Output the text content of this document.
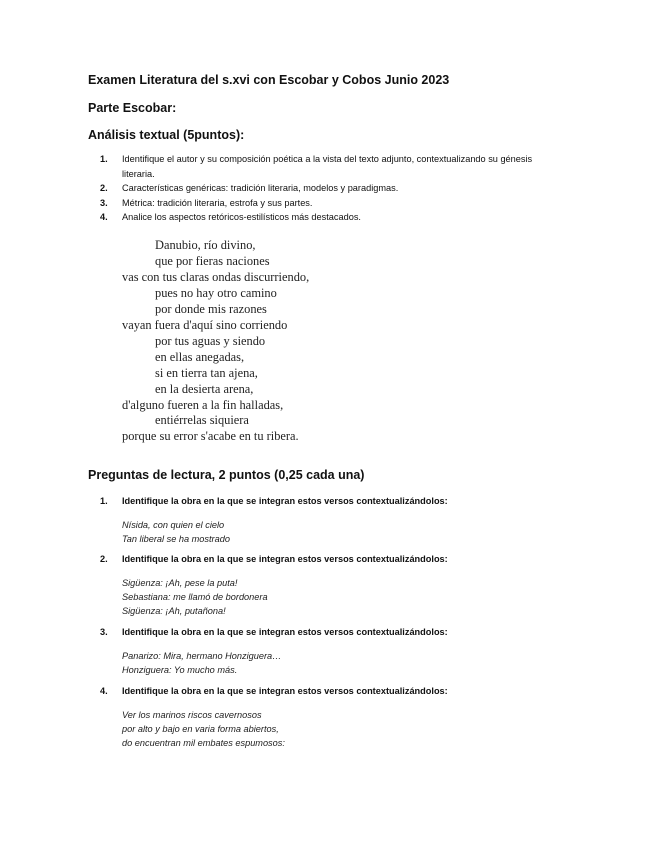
Examen Literatura del s.xvi con Escobar y Cobos Junio 2023
Parte Escobar:
Análisis textual (5puntos):
1. Identifique el autor y su composición poética a la vista del texto adjunto, contextualizando su génesis literaria.
2. Características genéricas: tradición literaria, modelos y paradigmas.
3. Métrica: tradición literaria, estrofa y sus partes.
4. Analice los aspectos retóricos-estilísticos más destacados.
Danubio, río divino,
que por fieras naciones
vas con tus claras ondas discurriendo,
pues no hay otro camino
por donde mis razones
vayan fuera d'aquí sino corriendo
por tus aguas y siendo
en ellas anegadas,
si en tierra tan ajena,
en la desierta arena,
d'alguno fueren a la fin halladas,
entiérrelas siquiera
porque su error s'acabe en tu ribera.
Preguntas de lectura, 2 puntos (0,25 cada una)
1. Identifique la obra en la que se integran estos versos contextualizándolos:
Nísida, con quien el cielo
Tan liberal se ha mostrado
2. Identifique la obra en la que se integran estos versos contextualizándolos:
Sigüenza: ¡Ah, pese la puta!
Sebastiana: me llamó de bordonera
Sigüenza: ¡Ah, putañona!
3. Identifique la obra en la que se integran estos versos contextualizándolos:
Panarizo: Mira, hermano Honziguera…
Honziguera: Yo mucho más.
4. Identifique la obra en la que se integran estos versos contextualizándolos:
Ver los marinos riscos cavernosos
por alto y bajo en varia forma abiertos,
do encuentran mil embates espumosos:
